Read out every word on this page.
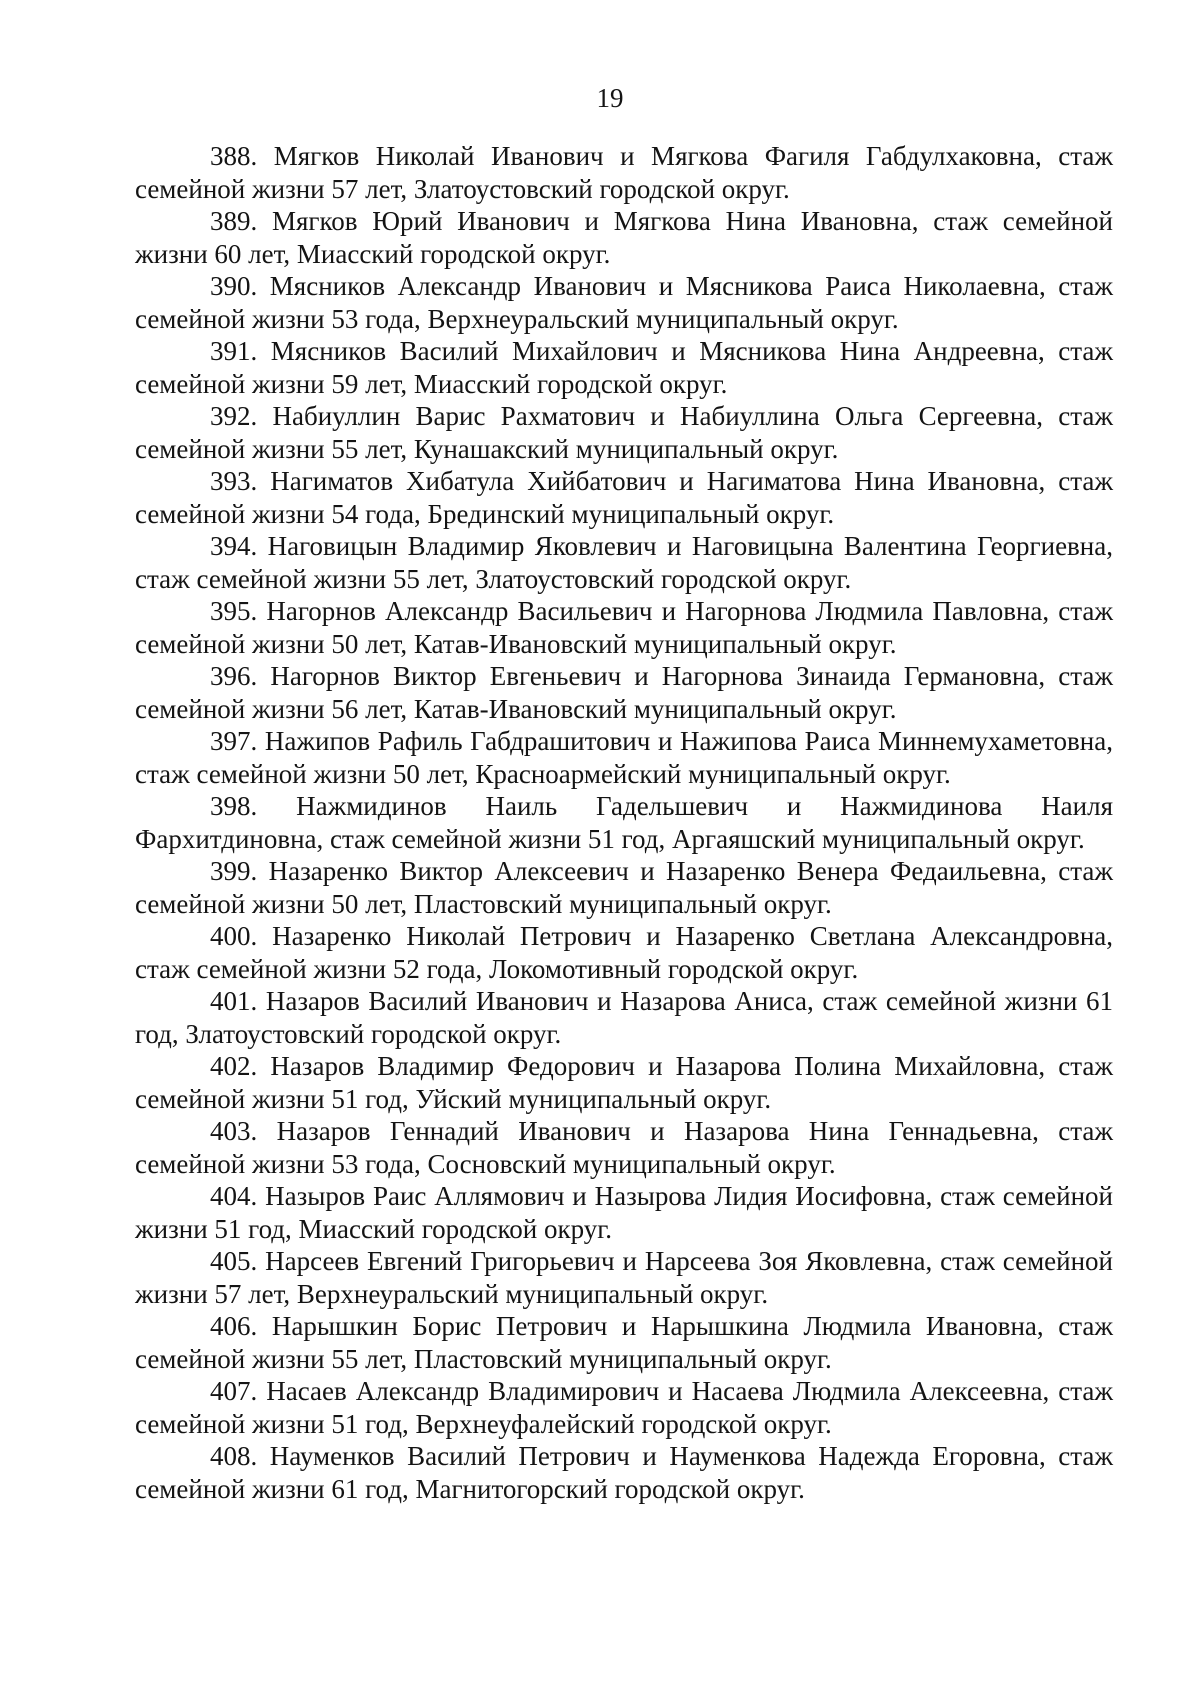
19

388. Мягков Николай Иванович и Мягкова Фагиля Габдулхаковна, стаж семейной жизни 57 лет, Златоустовский городской округ.

389. Мягков Юрий Иванович и Мягкова Нина Ивановна, стаж семейной жизни 60 лет, Миасский городской округ.

390. Мясников Александр Иванович и Мясникова Раиса Николаевна, стаж семейной жизни 53 года, Верхнеуральский муниципальный округ.

391. Мясников Василий Михайлович и Мясникова Нина Андреевна, стаж семейной жизни 59 лет, Миасский городской округ.

392. Набиуллин Варис Рахматович и Набиуллина Ольга Сергеевна, стаж семейной жизни 55 лет, Кунашакский муниципальный округ.

393. Нагиматов Хибатула Хийбатович и Нагиматова Нина Ивановна, стаж семейной жизни 54 года, Брединский муниципальный округ.

394. Наговицын Владимир Яковлевич и Наговицына Валентина Георгиевна, стаж семейной жизни 55 лет, Златоустовский городской округ.

395. Нагорнов Александр Васильевич и Нагорнова Людмила Павловна, стаж семейной жизни 50 лет, Катав-Ивановский муниципальный округ.

396. Нагорнов Виктор Евгеньевич и Нагорнова Зинаида Германовна, стаж семейной жизни 56 лет, Катав-Ивановский муниципальный округ.

397. Нажипов Рафиль Габдрашитович и Нажипова Раиса Миннемухаметовна, стаж семейной жизни 50 лет, Красноармейский муниципальный округ.

398. Нажмидинов Наиль Гадельшевич и Нажмидинова Наиля Фархитдиновна, стаж семейной жизни 51 год, Аргаяшский муниципальный округ.

399. Назаренко Виктор Алексеевич и Назаренко Венера Федаильевна, стаж семейной жизни 50 лет, Пластовский муниципальный округ.

400. Назаренко Николай Петрович и Назаренко Светлана Александровна, стаж семейной жизни 52 года, Локомотивный городской округ.

401. Назаров Василий Иванович и Назарова Аниса, стаж семейной жизни 61 год, Златоустовский городской округ.

402. Назаров Владимир Федорович и Назарова Полина Михайловна, стаж семейной жизни 51 год, Уйский муниципальный округ.

403. Назаров Геннадий Иванович и Назарова Нина Геннадьевна, стаж семейной жизни 53 года, Сосновский муниципальный округ.

404. Назыров Раис Аллямович и Назырова Лидия Иосифовна, стаж семейной жизни 51 год, Миасский городской округ.

405. Нарсеев Евгений Григорьевич и Нарсеева Зоя Яковлевна, стаж семейной жизни 57 лет, Верхнеуральский муниципальный округ.

406. Нарышкин Борис Петрович и Нарышкина Людмила Ивановна, стаж семейной жизни 55 лет, Пластовский муниципальный округ.

407. Насаев Александр Владимирович и Насаева Людмила Алексеевна, стаж семейной жизни 51 год, Верхнеуфалейский городской округ.

408. Науменков Василий Петрович и Науменкова Надежда Егоровна, стаж семейной жизни 61 год, Магнитогорский городской округ.
